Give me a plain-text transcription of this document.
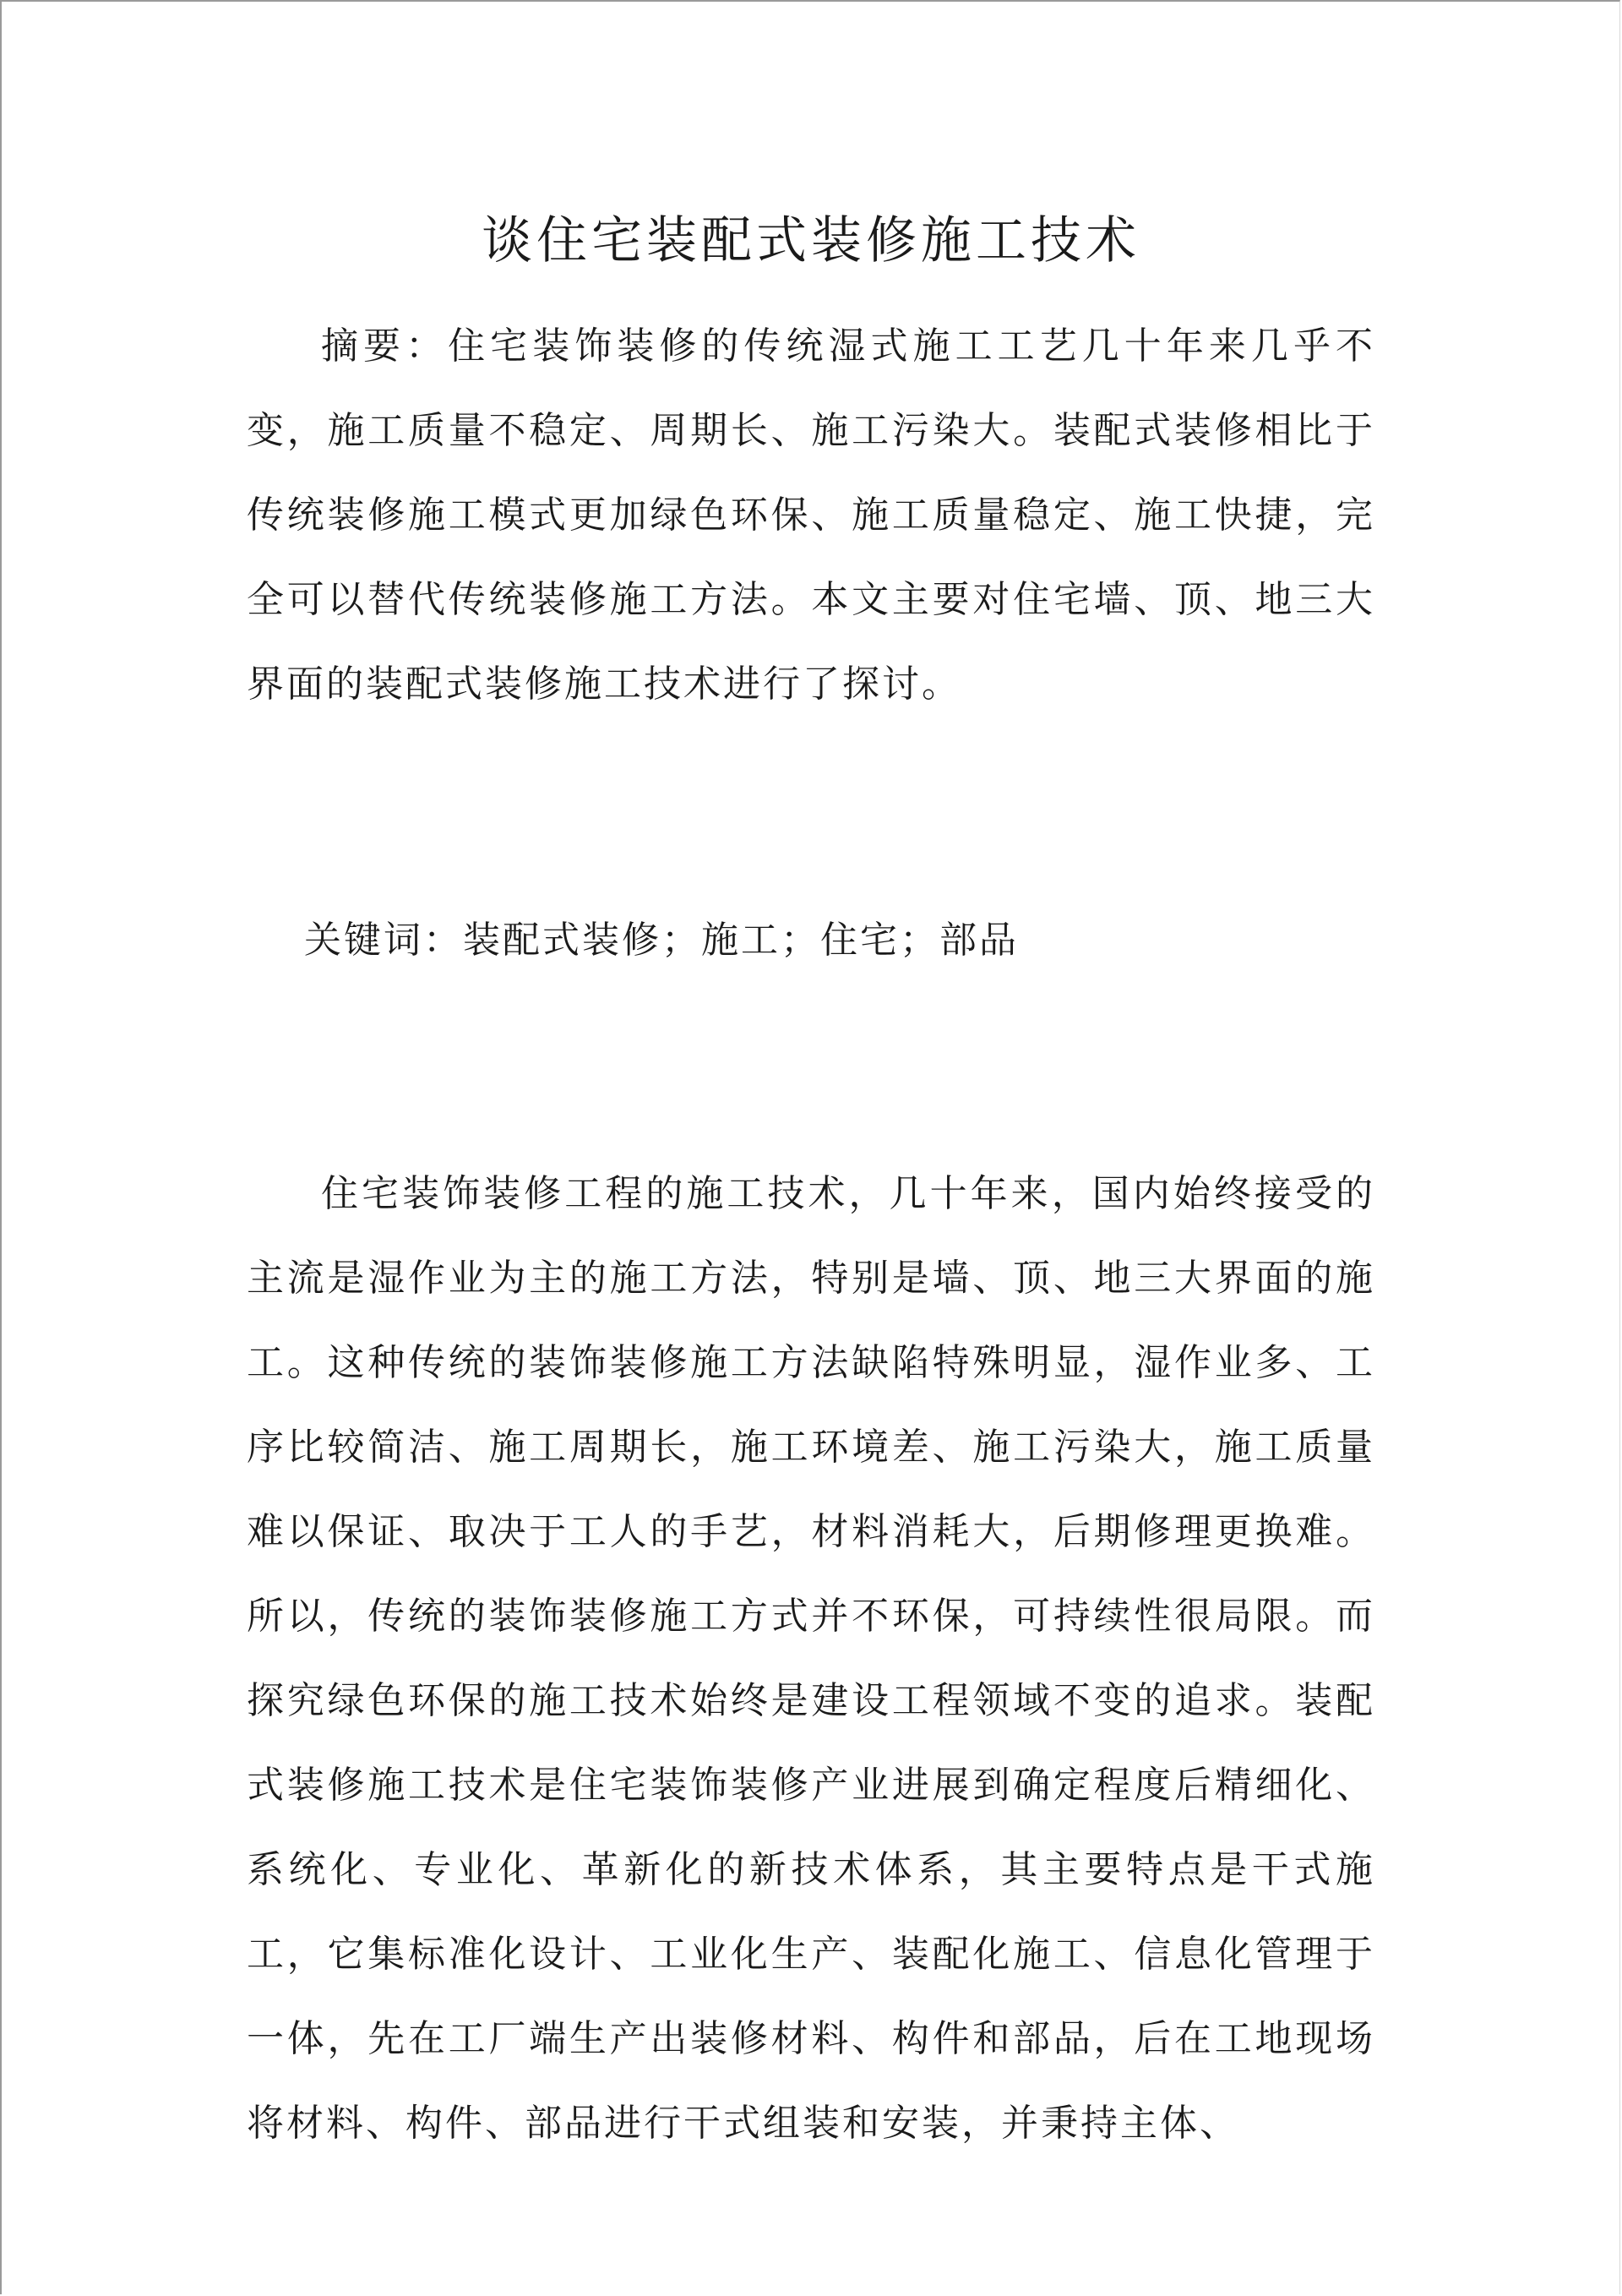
谈住宅装配式装修施工技术

摘要：住宅装饰装修的传统湿式施工工艺几十年来几乎不变，施工质量不稳定、周期长、施工污染大。装配式装修相比于传统装修施工模式更加绿色环保、施工质量稳定、施工快捷，完全可以替代传统装修施工方法。本文主要对住宅墙、顶、地三大界面的装配式装修施工技术进行了探讨。

关键词：装配式装修；施工；住宅；部品

住宅装饰装修工程的施工技术，几十年来，国内始终接受的主流是湿作业为主的施工方法，特别是墙、顶、地三大界面的施工。这种传统的装饰装修施工方法缺陷特殊明显，湿作业多、工序比较简洁、施工周期长，施工环境差、施工污染大，施工质量难以保证、取决于工人的手艺，材料消耗大，后期修理更换难。所以，传统的装饰装修施工方式并不环保，可持续性很局限。而探究绿色环保的施工技术始终是建设工程领域不变的追求。装配式装修施工技术是住宅装饰装修产业进展到确定程度后精细化、系统化、专业化、革新化的新技术体系，其主要特点是干式施工，它集标准化设计、工业化生产、装配化施工、信息化管理于一体，先在工厂端生产出装修材料、构件和部品，后在工地现场将材料、构件、部品进行干式组装和安装，并秉持主体、
